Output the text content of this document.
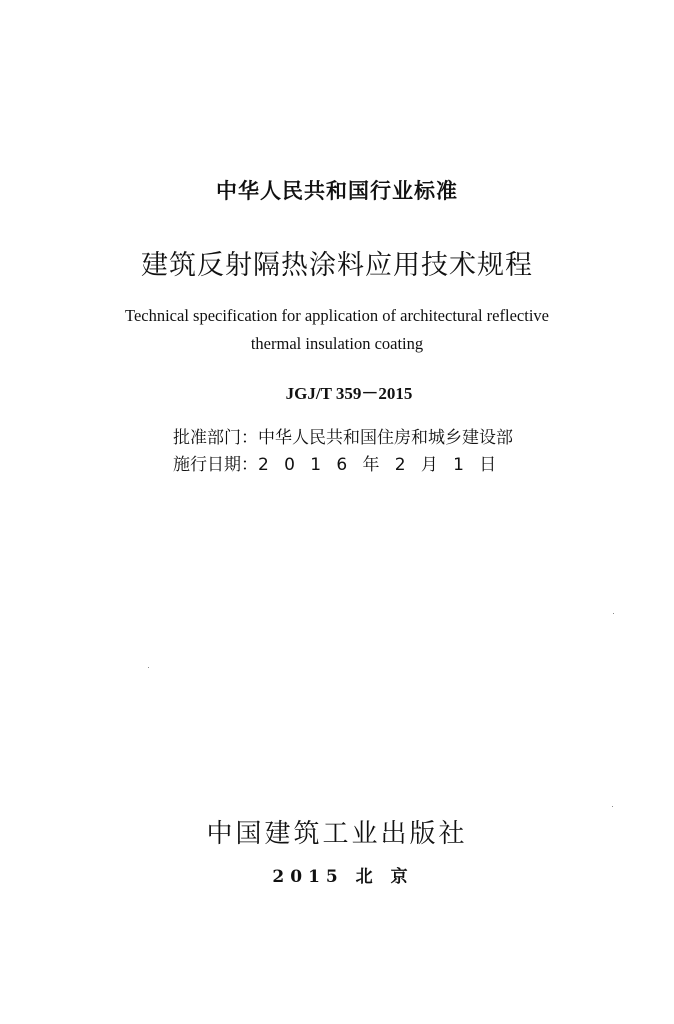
中华人民共和国行业标准
建筑反射隔热涂料应用技术规程
Technical specification for application of architectural reflective
thermal insulation coating
JGJ/T 359－2015
批准部门：中华人民共和国住房和城乡建设部
施行日期：2016年2月1日
中国建筑工业出版社
2015 北 京
